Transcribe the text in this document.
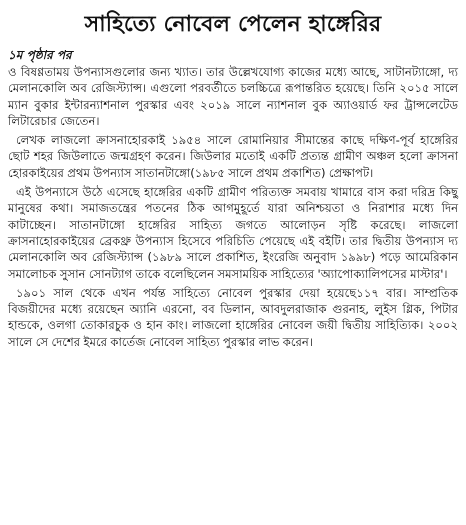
সাহিত্যে নোবেল পেলেন হাঙ্গেরির
১ম পৃষ্ঠার পর

ও বিষণ্ণতাময় উপন্যাসগুলোর জন্য খ্যাত। তার উল্লেখযোগ্য কাজের মধ্যে আছে, সাটানট্যাঙ্গো, দ্য মেলানকোলি অব রেজিস্ট্যান্স। এগুলো পরবর্তীতে চলচ্চিত্রে রূপান্তরিত হয়েছে। তিনি ২০১৫ সালে ম্যান বুকার ইন্টারন্যাশনাল পুরস্কার এবং ২০১৯ সালে ন্যাশনাল বুক অ্যাওয়ার্ড ফর ট্রান্সলেটেড লিটারেচার জেতেন।

লেখক লাজলো ক্রাসনাহোরকাই ১৯৫৪ সালে রোমানিয়ার সীমান্তের কাছে দক্ষিণ-পূর্ব হাঙ্গেরির ছোট শহর জিউলাতে জন্মগ্রহণ করেন। জিউলার মতোই একটি প্রত্যন্ত গ্রামীণ অঞ্চল হলো ক্রাসনা হোরকাইয়ের প্রথম উপন্যাস সাতানটাঙ্গো(১৯৮৫ সালে প্রথম প্রকাশিত) প্রেক্ষাপট।

এই উপন্যাসে উঠে এসেছে হাঙ্গেরির একটি গ্রামীণ পরিত্যক্ত সমবায় খামারে বাস করা দরিদ্র কিছু মানুষের কথা। সমাজতন্ত্রের পতনের ঠিক আগমুহূর্তে যারা অনিশ্চয়তা ও নিরাশার মধ্যে দিন কাটাচ্ছেন। সাতানটাঙ্গো হাঙ্গেরির সাহিত্য জগতে আলোড়ন সৃষ্টি করেছে। লাজলো ক্রাসনাহোরকাইয়ের ব্রেকথ্রু উপন্যাস হিসেবে পরিচিতি পেয়েছে এই বইটি। তার দ্বিতীয় উপন্যাস দ্য মেলানকোলি অব রেজিস্ট্যান্স (১৯৮৯ সালে প্রকাশিত, ইংরেজি অনুবাদ ১৯৯৮) পড়ে আমেরিকান সমালোচক সুসান সোনট্যাগ তাকে বলেছিলেন সমসাময়িক সাহিত্যের 'অ্যাপোক্যালিপসের মাস্টার'।

১৯০১ সাল থেকে এখন পর্যন্ত সাহিত্যে নোবেল পুরস্কার দেয়া হয়েছে১১৭ বার। সাম্প্রতিক বিজয়ীদের মধ্যে রয়েছেন অ্যানি এরনো, বব ডিলান, আবদুলরাজাক গুরনাহ, লুইস গ্লিক, পিটার হান্ডকে, ওলগা তোকারচুক ও হান কাং। লাজলো হাঙ্গেরির নোবেল জয়ী দ্বিতীয় সাহিত্যিক। ২০০২ সালে সে দেশের ইমরে কার্তেজ নোবেল সাহিত্য পুরস্কার লাভ করেন।
